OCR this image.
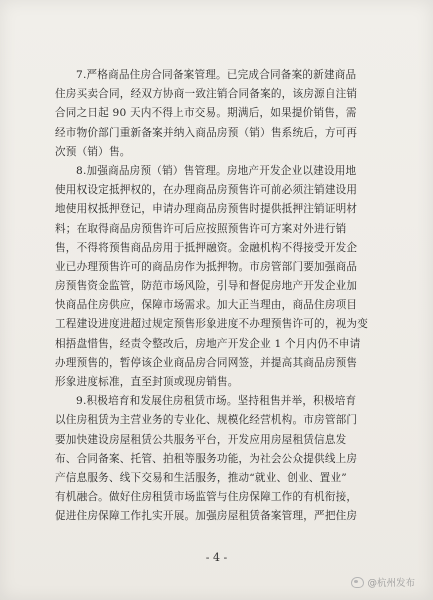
7.严格商品住房合同备案管理。已完成合同备案的新建商品
住房买卖合同，经双方协商一致注销合同备案的，该房源自注销
合同之日起 90 天内不得上市交易。期满后，如果提价销售，需
经市物价部门重新备案并纳入商品房预（销）售系统后，方可再
次预（销）售。
8.加强商品房预（销）售管理。房地产开发企业以建设用地
使用权设定抵押权的，在办理商品房预售许可前必须注销建设用
地使用权抵押登记，申请办理商品房预售时提供抵押注销证明材
料；在取得商品房预售许可后应按照预售许可方案对外进行销
售，不得将预售商品房用于抵押融资。金融机构不得接受开发企
业已办理预售许可的商品房作为抵押物。市房管部门要加强商品
房预售资金监管，防范市场风险，引导和督促房地产开发企业加
快商品住房供应，保障市场需求。加大正当理由，商品住房项目
工程建设进度进超过规定预售形象进度不办理预售许可的，视为变
相捂盘惜售，经责令整改后，房地产开发企业 1 个月内仍不申请
办理预售的，暂停该企业商品房合同网签，并提高其商品房预售
形象进度标准，直至封顶或现房销售。
9.积极培育和发展住房租赁市场。坚持租售并举，积极培育
以住房租赁为主营业务的专业化、规模化经营机构。市房管部门
要加快建设房屋租赁公共服务平台，开发应用房屋租赁信息发
布、合同备案、托管、拍租等服务功能，为社会公众提供线上房
产信息服务、线下交易和生活服务，推动“就业、创业、置业”
有机融合。做好住房租赁市场监管与住房保障工作的有机衔接，
促进住房保障工作扎实开展。加强房屋租赁备案管理，严把住房
- 4 -
@杭州发布
